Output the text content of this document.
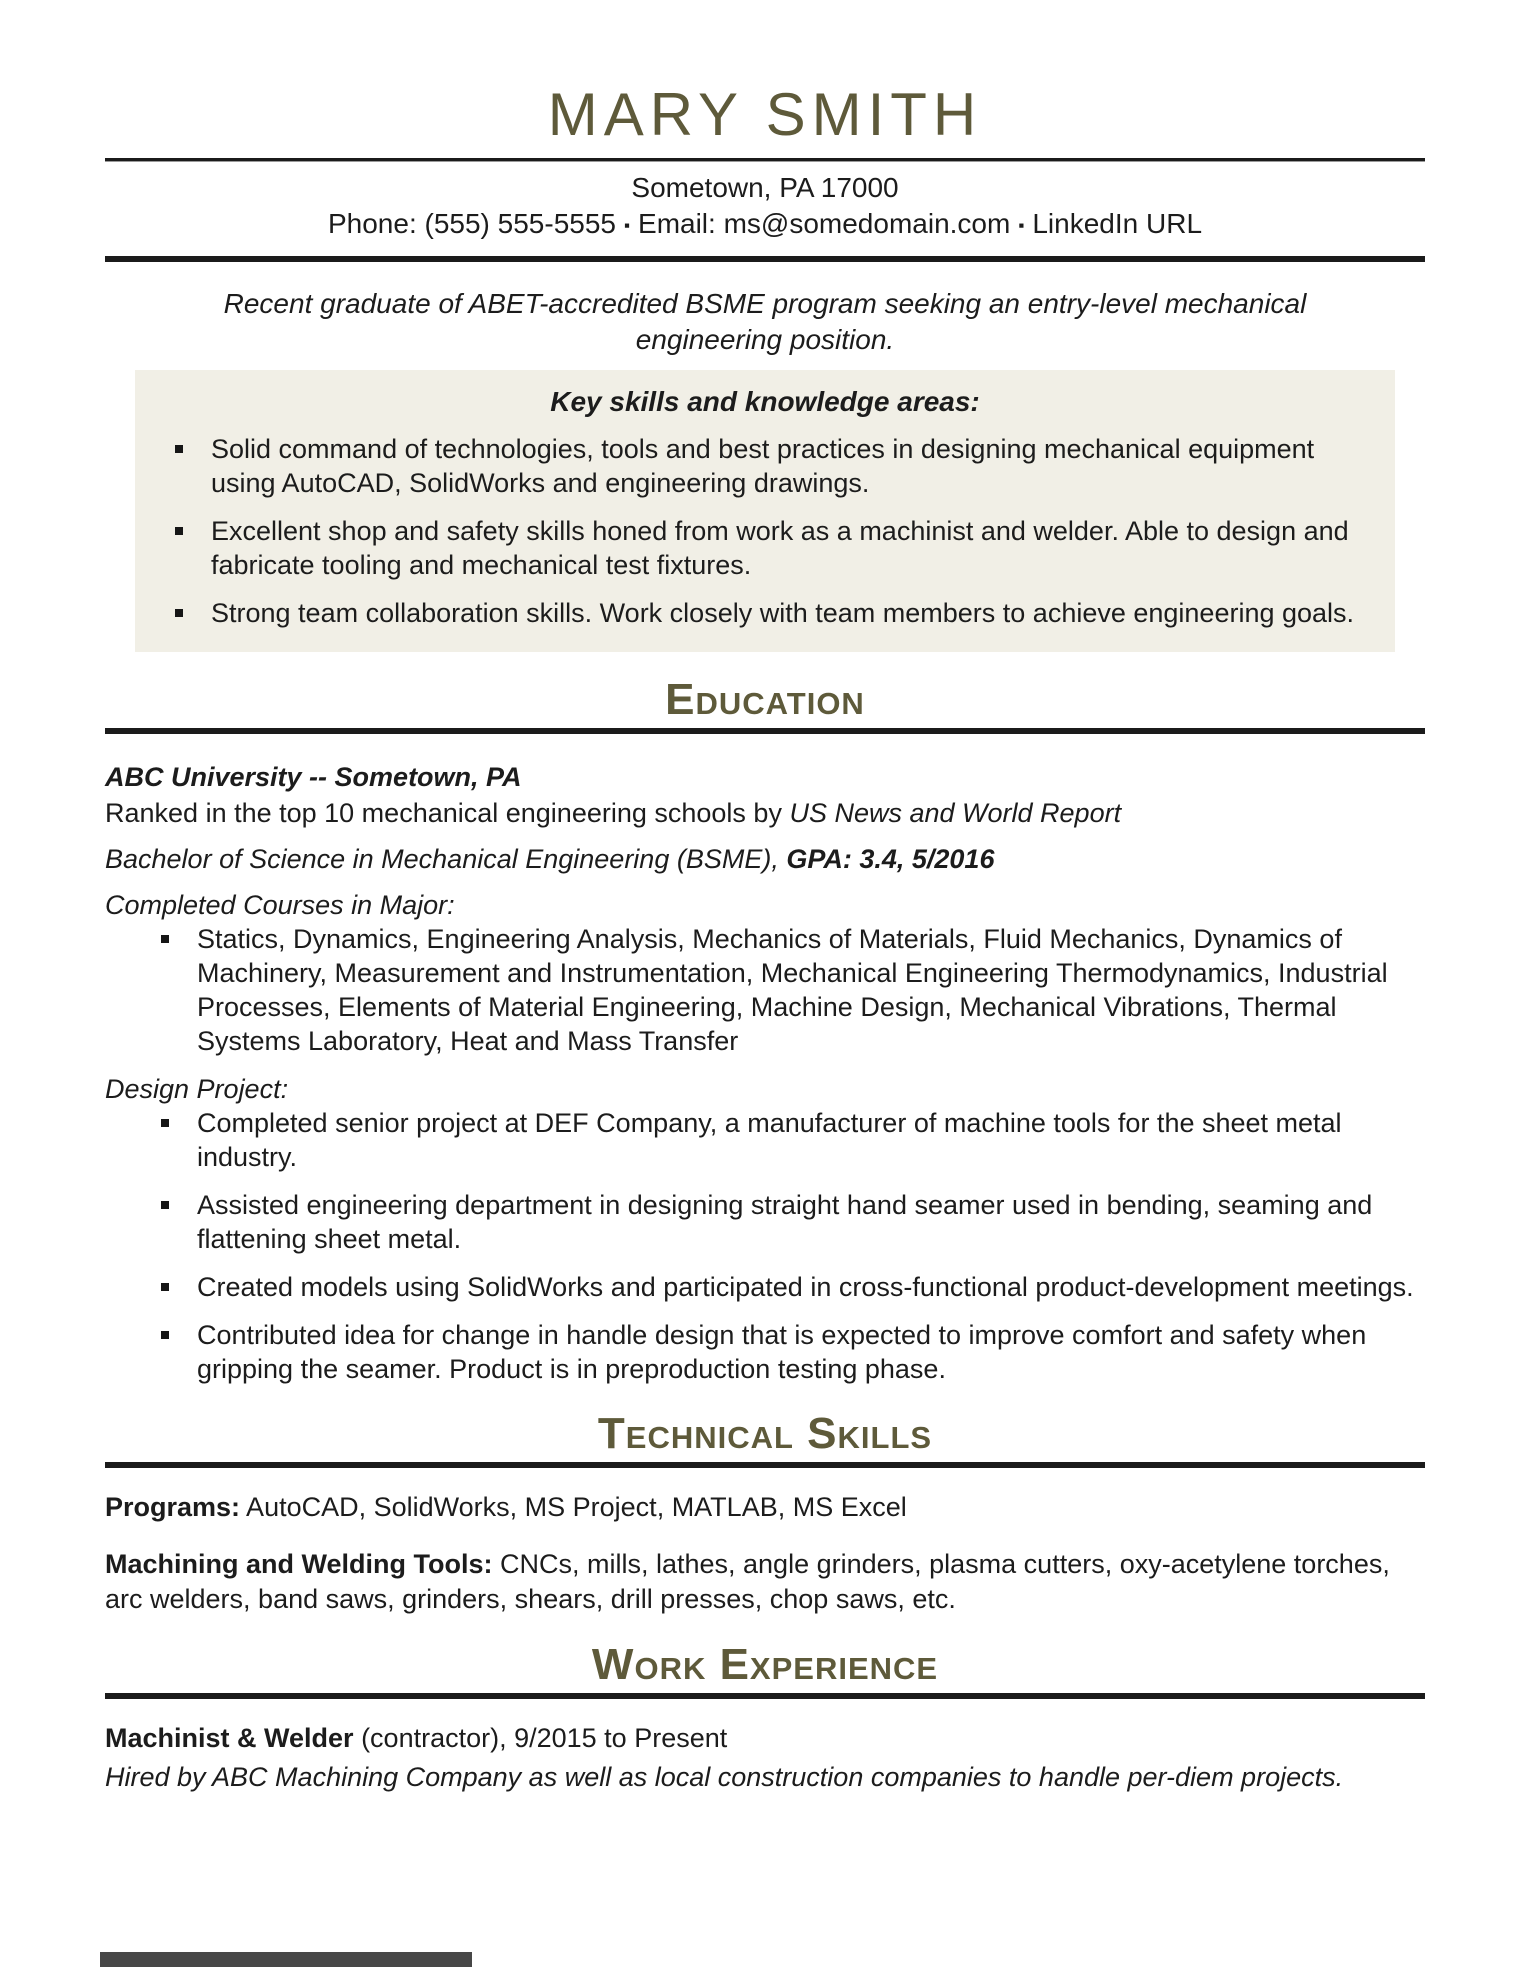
MARY SMITH
Sometown, PA 17000
Phone: (555) 555-5555 ▪ Email: ms@somedomain.com ▪ LinkedIn URL
Recent graduate of ABET-accredited BSME program seeking an entry-level mechanical engineering position.
Key skills and knowledge areas:
Solid command of technologies, tools and best practices in designing mechanical equipment using AutoCAD, SolidWorks and engineering drawings.
Excellent shop and safety skills honed from work as a machinist and welder. Able to design and fabricate tooling and mechanical test fixtures.
Strong team collaboration skills. Work closely with team members to achieve engineering goals.
Education
ABC University -- Sometown, PA
Ranked in the top 10 mechanical engineering schools by US News and World Report
Bachelor of Science in Mechanical Engineering (BSME), GPA: 3.4, 5/2016
Completed Courses in Major:
Statics, Dynamics, Engineering Analysis, Mechanics of Materials, Fluid Mechanics, Dynamics of Machinery, Measurement and Instrumentation, Mechanical Engineering Thermodynamics, Industrial Processes, Elements of Material Engineering, Machine Design, Mechanical Vibrations, Thermal Systems Laboratory, Heat and Mass Transfer
Design Project:
Completed senior project at DEF Company, a manufacturer of machine tools for the sheet metal industry.
Assisted engineering department in designing straight hand seamer used in bending, seaming and flattening sheet metal.
Created models using SolidWorks and participated in cross-functional product-development meetings.
Contributed idea for change in handle design that is expected to improve comfort and safety when gripping the seamer. Product is in preproduction testing phase.
Technical Skills
Programs: AutoCAD, SolidWorks, MS Project, MATLAB, MS Excel
Machining and Welding Tools: CNCs, mills, lathes, angle grinders, plasma cutters, oxy-acetylene torches, arc welders, band saws, grinders, shears, drill presses, chop saws, etc.
Work Experience
Machinist & Welder (contractor), 9/2015 to Present
Hired by ABC Machining Company as well as local construction companies to handle per-diem projects.
